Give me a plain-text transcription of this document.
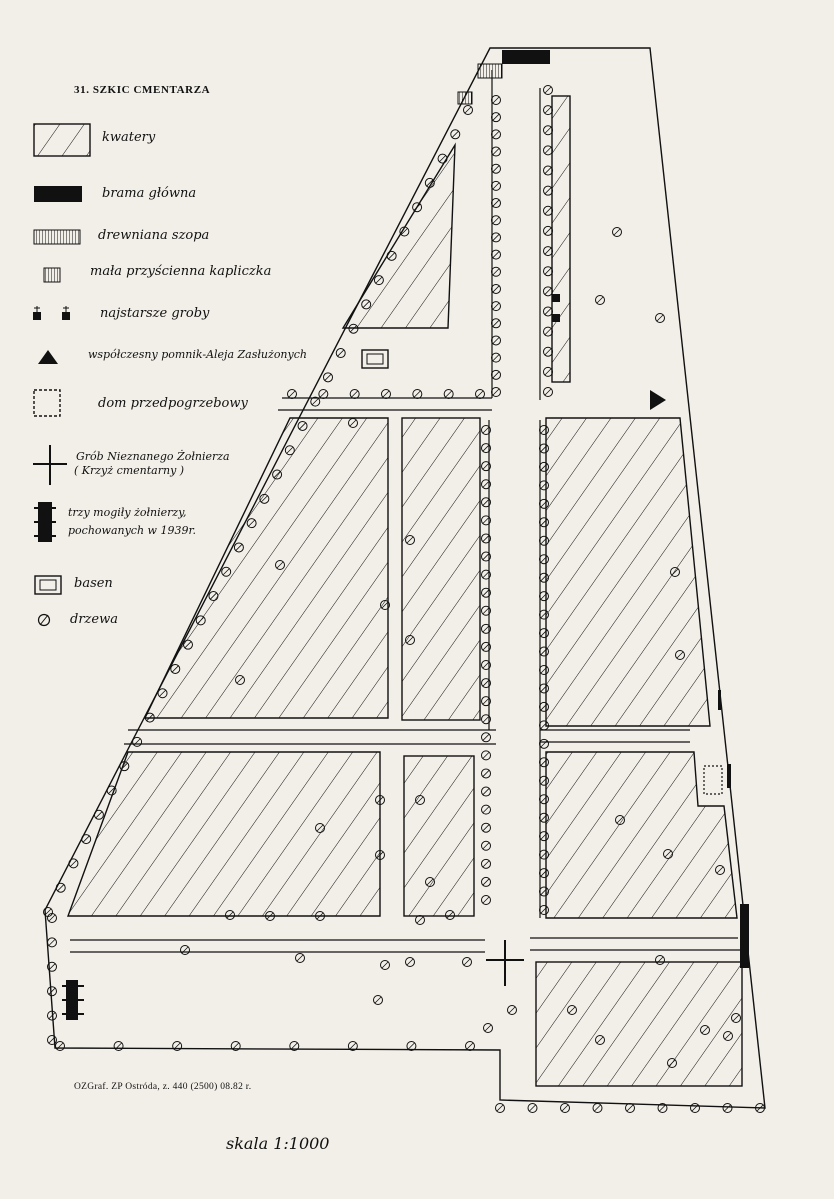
31. SZKIC CMENTARZA
kwatery
brama główna
drewniana szopa
mała przyścienna kapliczka
najstarsze groby
współczesny pomnik-Aleja Zasłużonych
dom przedpogrzebowy
Grób Nieznanego Żołnierza
( Krzyż cmentarny )
trzy mogiły żołnierzy,
pochowanych w 1939r.
basen
drzewa
OZGraf. ZP Ostróda, z. 440 (2500) 08.82 r.
skala 1:1000
